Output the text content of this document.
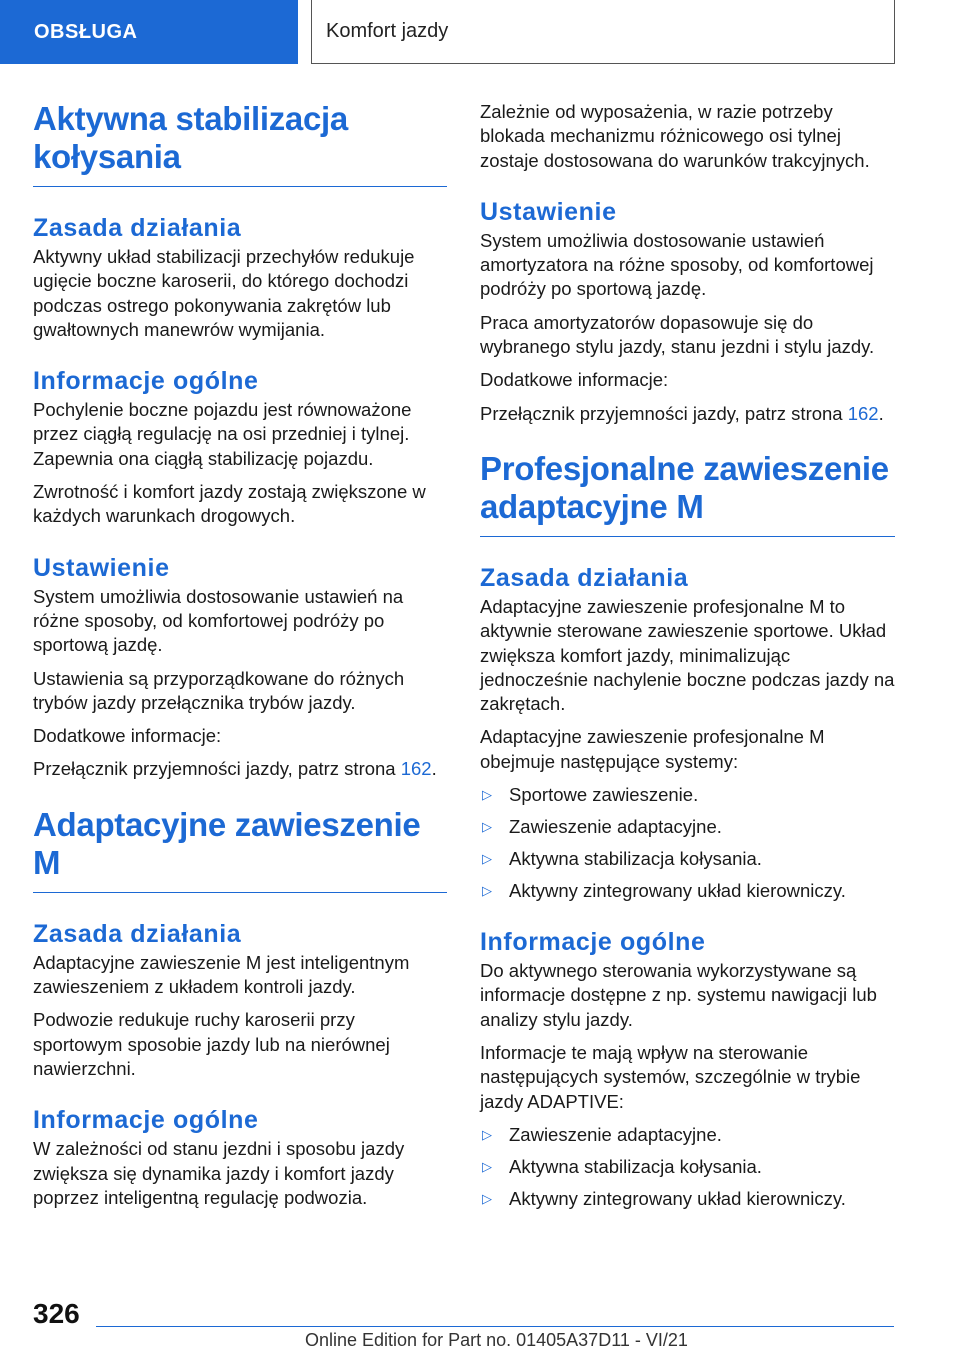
OBSŁUGA	Komfort jazdy
Aktywna stabilizacja kołysania
Zasada działania

Aktywny układ stabilizacji przechyłów redukuje ugięcie boczne karoserii, do którego dochodzi podczas ostrego pokonywania zakrętów lub gwałtownych manewrów wymijania.

Informacje ogólne

Pochylenie boczne pojazdu jest równoważone przez ciągłą regulację na osi przedniej i tylnej. Zapewnia ona ciągłą stabilizację pojazdu.

Zwrotność i komfort jazdy zostają zwiększone w każdych warunkach drogowych.

Ustawienie

System umożliwia dostosowanie ustawień na różne sposoby, od komfortowej podróży po sportową jazdę.

Ustawienia są przyporządkowane do różnych trybów jazdy przełącznika trybów jazdy.

Dodatkowe informacje:

Przełącznik przyjemności jazdy, patrz strona 162.

Adaptacyjne zawieszenie M
Zasada działania

Adaptacyjne zawieszenie M jest inteligentnym zawieszeniem z układem kontroli jazdy.

Podwozie redukuje ruchy karoserii przy sportowym sposobie jazdy lub na nierównej nawierzchni.

Informacje ogólne

W zależności od stanu jezdni i sposobu jazdy zwiększa się dynamika jazdy i komfort jazdy poprzez inteligentną regulację podwozia.

Zależnie od wyposażenia, w razie potrzeby blokada mechanizmu różnicowego osi tylnej zostaje dostosowana do warunków trakcyjnych.

Ustawienie

System umożliwia dostosowanie ustawień amortyzatora na różne sposoby, od komfortowej podróży po sportową jazdę.

Praca amortyzatorów dopasowuje się do wybranego stylu jazdy, stanu jezdni i stylu jazdy.

Dodatkowe informacje:

Przełącznik przyjemności jazdy, patrz strona 162.

Profesjonalne zawieszenie adaptacyjne M
Zasada działania

Adaptacyjne zawieszenie profesjonalne M to aktywnie sterowane zawieszenie sportowe. Układ zwiększa komfort jazdy, minimalizując jednocześnie nachylenie boczne podczas jazdy na zakrętach.

Adaptacyjne zawieszenie profesjonalne M obejmuje następujące systemy:

▷ Sportowe zawieszenie.
▷ Zawieszenie adaptacyjne.
▷ Aktywna stabilizacja kołysania.
▷ Aktywny zintegrowany układ kierowniczy.
Informacje ogólne

Do aktywnego sterowania wykorzystywane są informacje dostępne z np. systemu nawigacji lub analizy stylu jazdy.

Informacje te mają wpływ na sterowanie następujących systemów, szczególnie w trybie jazdy ADAPTIVE:

▷ Zawieszenie adaptacyjne.
▷ Aktywna stabilizacja kołysania.
▷ Aktywny zintegrowany układ kierowniczy.
326
Online Edition for Part no. 01405A37D11 - VI/21
